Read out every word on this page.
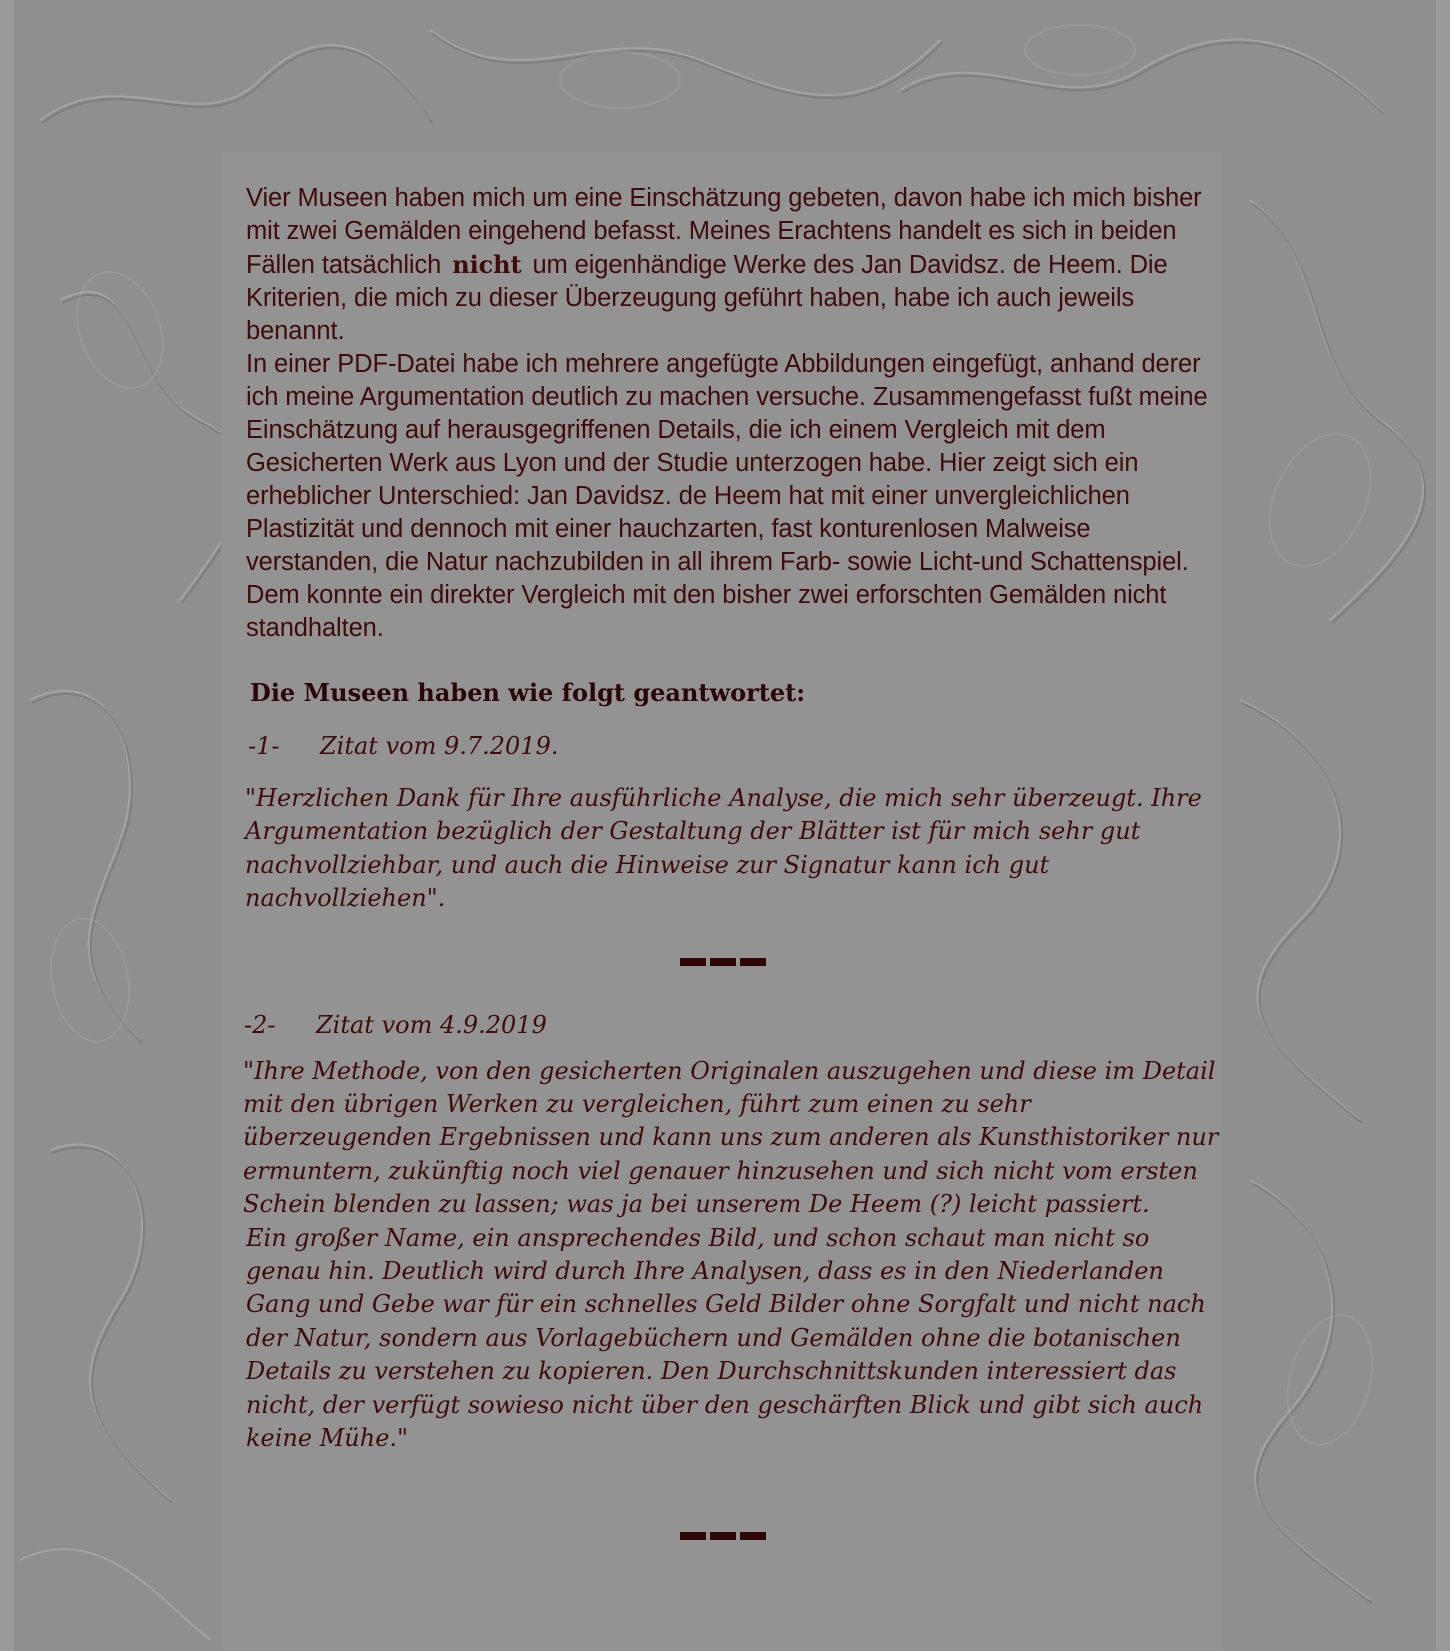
Vier Museen haben mich um eine Einschätzung gebeten, davon habe ich mich bisher mit zwei Gemälden eingehend befasst. Meines Erachtens handelt es sich in beiden Fällen tatsächlich nicht um eigenhändige Werke des Jan Davidsz. de Heem. Die Kriterien, die mich zu dieser Überzeugung geführt haben, habe ich auch jeweils benannt.

In einer PDF-Datei habe ich mehrere angefügte Abbildungen eingefügt, anhand derer ich meine Argumentation deutlich zu machen versuche. Zusammengefasst fußt meine Einschätzung auf herausgegriffenen Details, die ich einem Vergleich mit dem Gesicherten Werk aus Lyon und der Studie unterzogen habe. Hier zeigt sich ein erheblicher Unterschied: Jan Davidsz. de Heem hat mit einer unvergleichlichen Plastizität und dennoch mit einer hauchzarten, fast konturenlosen Malweise verstanden, die Natur nachzubilden in all ihrem Farb- sowie Licht-und Schattenspiel.

Dem konnte ein direkter Vergleich mit den bisher zwei erforschten Gemälden nicht standhalten.

Die Museen haben wie folgt geantwortet:
-1- Zitat vom 9.7.2019.

"Herzlichen Dank für Ihre ausführliche Analyse, die mich sehr überzeugt. Ihre Argumentation bezüglich der Gestaltung der Blätter ist für mich sehr gut nachvollziehbar, und auch die Hinweise zur Signatur kann ich gut nachvollziehen".

-2- Zitat vom 4.9.2019

"Ihre Methode, von den gesicherten Originalen auszugehen und diese im Detail mit den übrigen Werken zu vergleichen, führt zum einen zu sehr überzeugenden Ergebnissen und kann uns zum anderen als Kunsthistoriker nur ermuntern, zukünftig noch viel genauer hinzusehen und sich nicht vom ersten Schein blenden zu lassen; was ja bei unserem De Heem (?) leicht passiert.

Ein großer Name, ein ansprechendes Bild, und schon schaut man nicht so genau hin. Deutlich wird durch Ihre Analysen, dass es in den Niederlanden Gang und Gebe war für ein schnelles Geld Bilder ohne Sorgfalt und nicht nach der Natur, sondern aus Vorlagebüchern und Gemälden ohne die botanischen Details zu verstehen zu kopieren. Den Durchschnittskunden interessiert das nicht, der verfügt sowieso nicht über den geschärften Blick und gibt sich auch keine Mühe."
